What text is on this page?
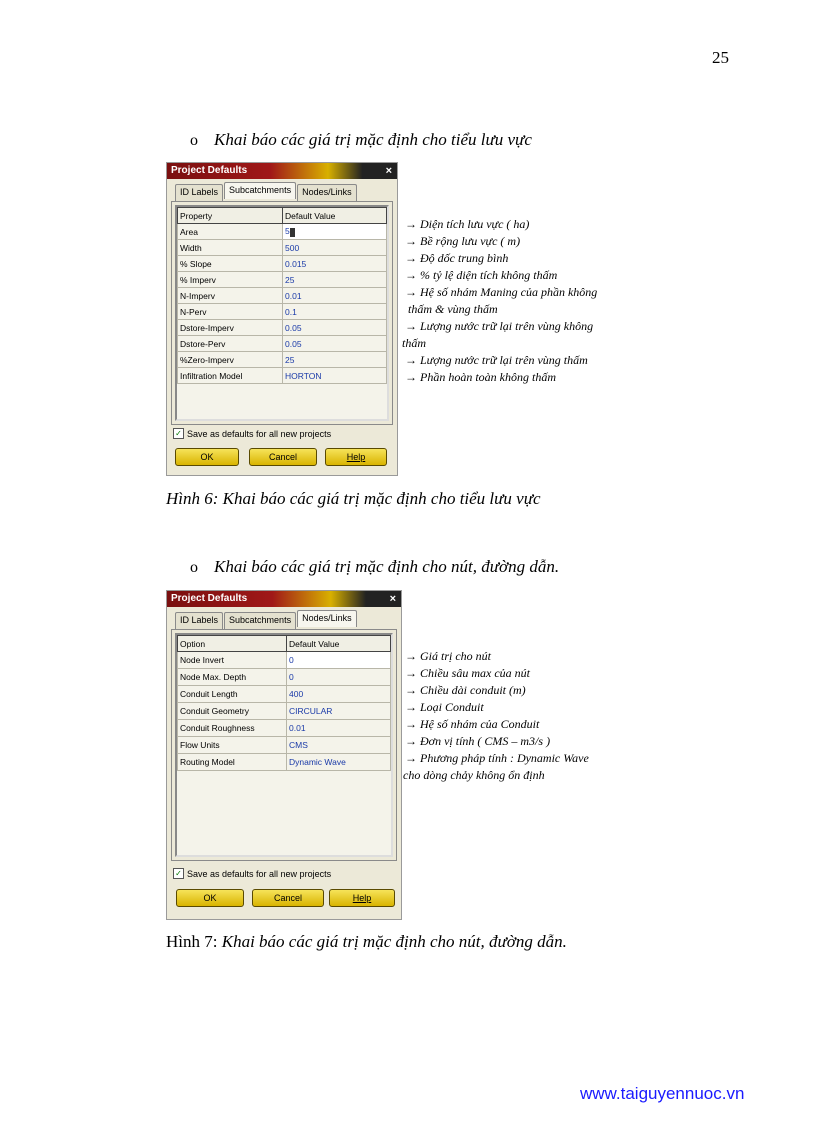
25
o Khai báo các giá trị mặc định cho tiểu lưu vực
Project Defaults	×
ID Labels	Subcatchments	Nodes/Links
Property	Default Value
Area	5
Width	500
% Slope	0.015
% Imperv	25
N-Imperv	0.01
N-Perv	0.1
Dstore-Imperv	0.05
Dstore-Perv	0.05
%Zero-Imperv	25
Infiltration Model	HORTON
✓ Save as defaults for all new projects
OK	Cancel	Help
→ Diện tích lưu vực ( ha)
→ Bề rộng lưu vực ( m)
→ Độ dốc trung bình
→ % tỷ lệ diện tích không thấm
→ Hệ số nhám Maning của phần không
thấm & vùng thấm
→ Lượng nước trữ lại trên vùng không
thấm
→ Lượng nước trữ lại trên vùng thấm
→ Phần hoàn toàn không thấm
Hình 6: Khai báo các giá trị mặc định cho tiểu lưu vực
o Khai báo các giá trị mặc định cho nút, đường dẫn.
Project Defaults	×
ID Labels	Subcatchments	Nodes/Links
Option	Default Value
Node Invert	0
Node Max. Depth	0
Conduit Length	400
Conduit Geometry	CIRCULAR
Conduit Roughness	0.01
Flow Units	CMS
Routing Model	Dynamic Wave
✓ Save as defaults for all new projects
OK	Cancel	Help
→ Giá trị cho nút
→ Chiều sâu max của nút
→ Chiều dài conduit (m)
→ Loại Conduit
→ Hệ số nhám của Conduit
→ Đơn vị tính ( CMS – m3/s )
→ Phương pháp tính : Dynamic Wave
cho dòng chảy không ổn định
Hình 7: Khai báo các giá trị mặc định cho nút, đường dẫn.
www.taiguyennuoc.vn
